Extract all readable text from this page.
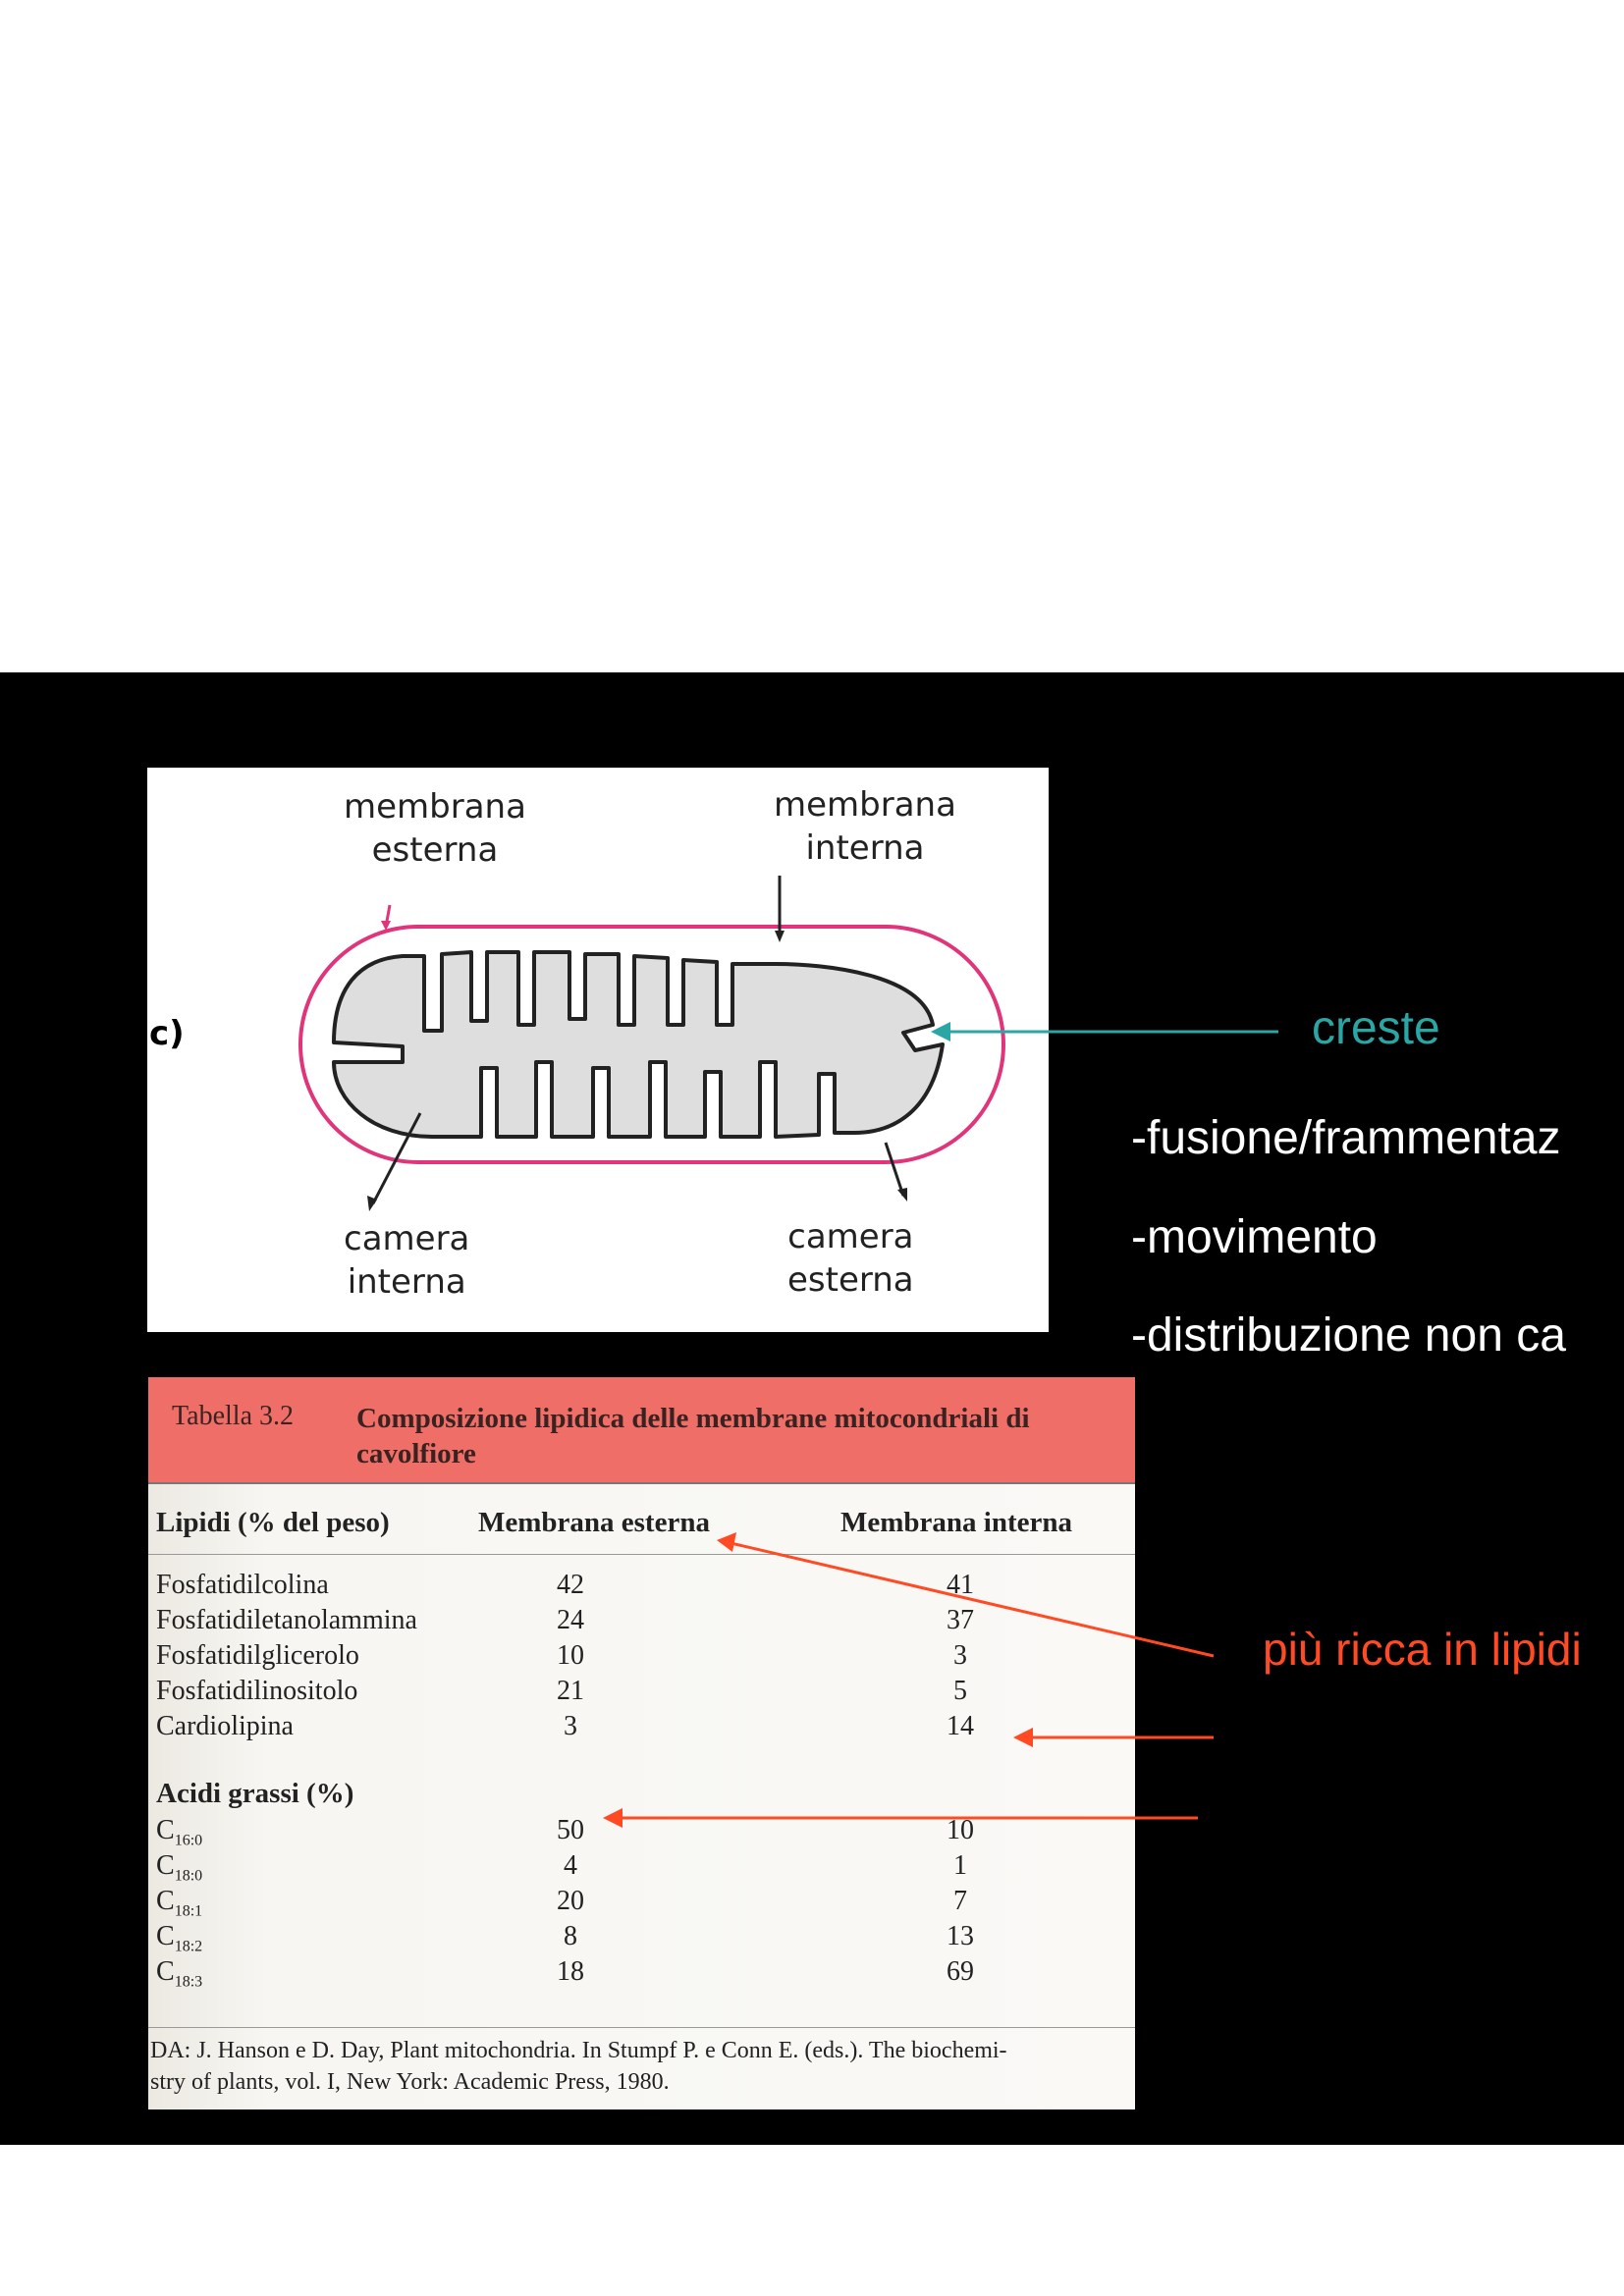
membrana
esterna
membrana
interna
camera
interna
camera
esterna
c)	creste
-fusione/frammentaz
-movimento
-distribuzione non ca
Tabella 3.2 Composizione lipidica delle membrane mitocondriali di cavolfiore
Lipidi (% del peso)	Membrana esterna	Membrana interna
Fosfatidilcolina	42	41
Fosfatidiletanolammina	24	37
Fosfatidilglicerolo	10	3
Fosfatidilinositolo	21	5
Cardiolipina	3	14
Acidi grassi (%)
$C_{16:0}$	50	10
$C_{18:0}$	4	1
$C_{18:1}$	20	7
$C_{18:2}$	8	13
$C_{18:3}$	18	69
DA: J. Hanson e D. Day, Plant mitochondria. In Stumpf P. e Conn E. (eds.). The biochemi-
stry of plants, vol. I, New York: Academic Press, 1980.
più ricca in lipidi
